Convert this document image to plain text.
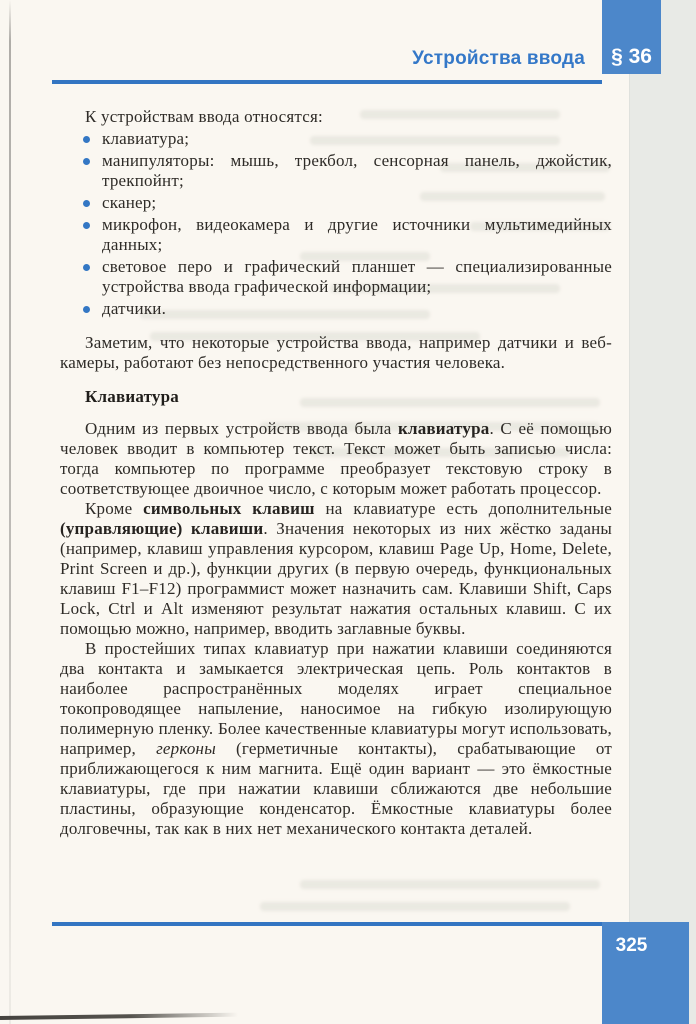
Устройства ввода § 36

К устройствам ввода относятся:

клавиатура;
манипуляторы: мышь, трекбол, сенсорная панель, джойстик, трекпойнт;
сканер;
микрофон, видеокамера и другие источники мультимедийных данных;
световое перо и графический планшет — специализированные устройства ввода графической информации;
датчики.

Заметим, что некоторые устройства ввода, например датчики и веб-камеры, работают без непосредственного участия человека.

Клавиатура

Одним из первых устройств ввода была клавиатура. С её помощью человек вводит в компьютер текст. Текст может быть записью числа: тогда компьютер по программе преобразует текстовую строку в соответствующее двоичное число, с которым может работать процессор.

Кроме символьных клавиш на клавиатуре есть дополнительные (управляющие) клавиши. Значения некоторых из них жёстко заданы (например, клавиш управления курсором, клавиш Page Up, Home, Delete, Print Screen и др.), функции других (в первую очередь, функциональных клавиш F1–F12) программист может назначить сам. Клавиши Shift, Caps Lock, Ctrl и Alt изменяют результат нажатия остальных клавиш. С их помощью можно, например, вводить заглавные буквы.

В простейших типах клавиатур при нажатии клавиши соединяются два контакта и замыкается электрическая цепь. Роль контактов в наиболее распространённых моделях играет специальное токопроводящее напыление, наносимое на гибкую изолирующую полимерную пленку. Более качественные клавиатуры могут использовать, например, герконы (герметичные контакты), срабатывающие от приближающегося к ним магнита. Ещё один вариант — это ёмкостные клавиатуры, где при нажатии клавиши сближаются две небольшие пластины, образующие конденсатор. Ёмкостные клавиатуры более долговечны, так как в них нет механического контакта деталей.

325
